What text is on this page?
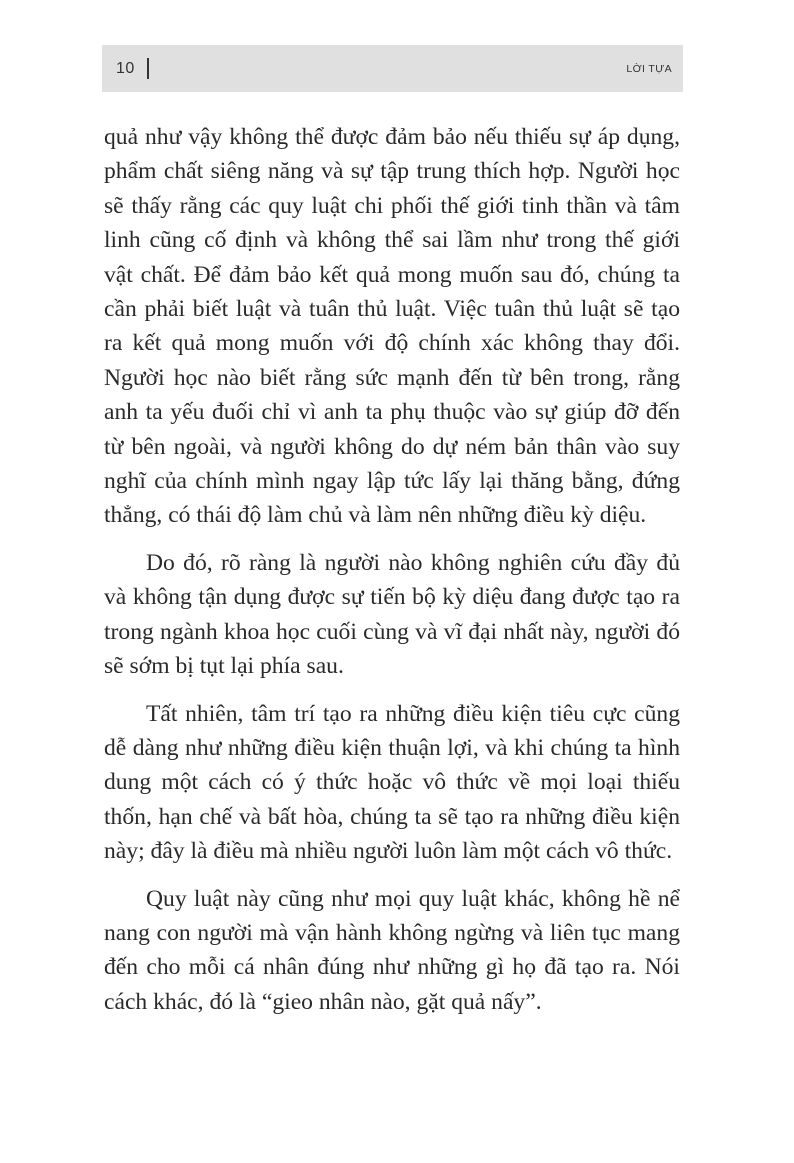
10	LỜI TỰA

quả như vậy không thể được đảm bảo nếu thiếu sự áp dụng, phẩm chất siêng năng và sự tập trung thích hợp. Người học sẽ thấy rằng các quy luật chi phối thế giới tinh thần và tâm linh cũng cố định và không thể sai lầm như trong thế giới vật chất. Để đảm bảo kết quả mong muốn sau đó, chúng ta cần phải biết luật và tuân thủ luật. Việc tuân thủ luật sẽ tạo ra kết quả mong muốn với độ chính xác không thay đổi. Người học nào biết rằng sức mạnh đến từ bên trong, rằng anh ta yếu đuối chỉ vì anh ta phụ thuộc vào sự giúp đỡ đến từ bên ngoài, và người không do dự ném bản thân vào suy nghĩ của chính mình ngay lập tức lấy lại thăng bằng, đứng thẳng, có thái độ làm chủ và làm nên những điều kỳ diệu.

Do đó, rõ ràng là người nào không nghiên cứu đầy đủ và không tận dụng được sự tiến bộ kỳ diệu đang được tạo ra trong ngành khoa học cuối cùng và vĩ đại nhất này, người đó sẽ sớm bị tụt lại phía sau.

Tất nhiên, tâm trí tạo ra những điều kiện tiêu cực cũng dễ dàng như những điều kiện thuận lợi, và khi chúng ta hình dung một cách có ý thức hoặc vô thức về mọi loại thiếu thốn, hạn chế và bất hòa, chúng ta sẽ tạo ra những điều kiện này; đây là điều mà nhiều người luôn làm một cách vô thức.

Quy luật này cũng như mọi quy luật khác, không hề nể nang con người mà vận hành không ngừng và liên tục mang đến cho mỗi cá nhân đúng như những gì họ đã tạo ra. Nói cách khác, đó là “gieo nhân nào, gặt quả nấy”.
